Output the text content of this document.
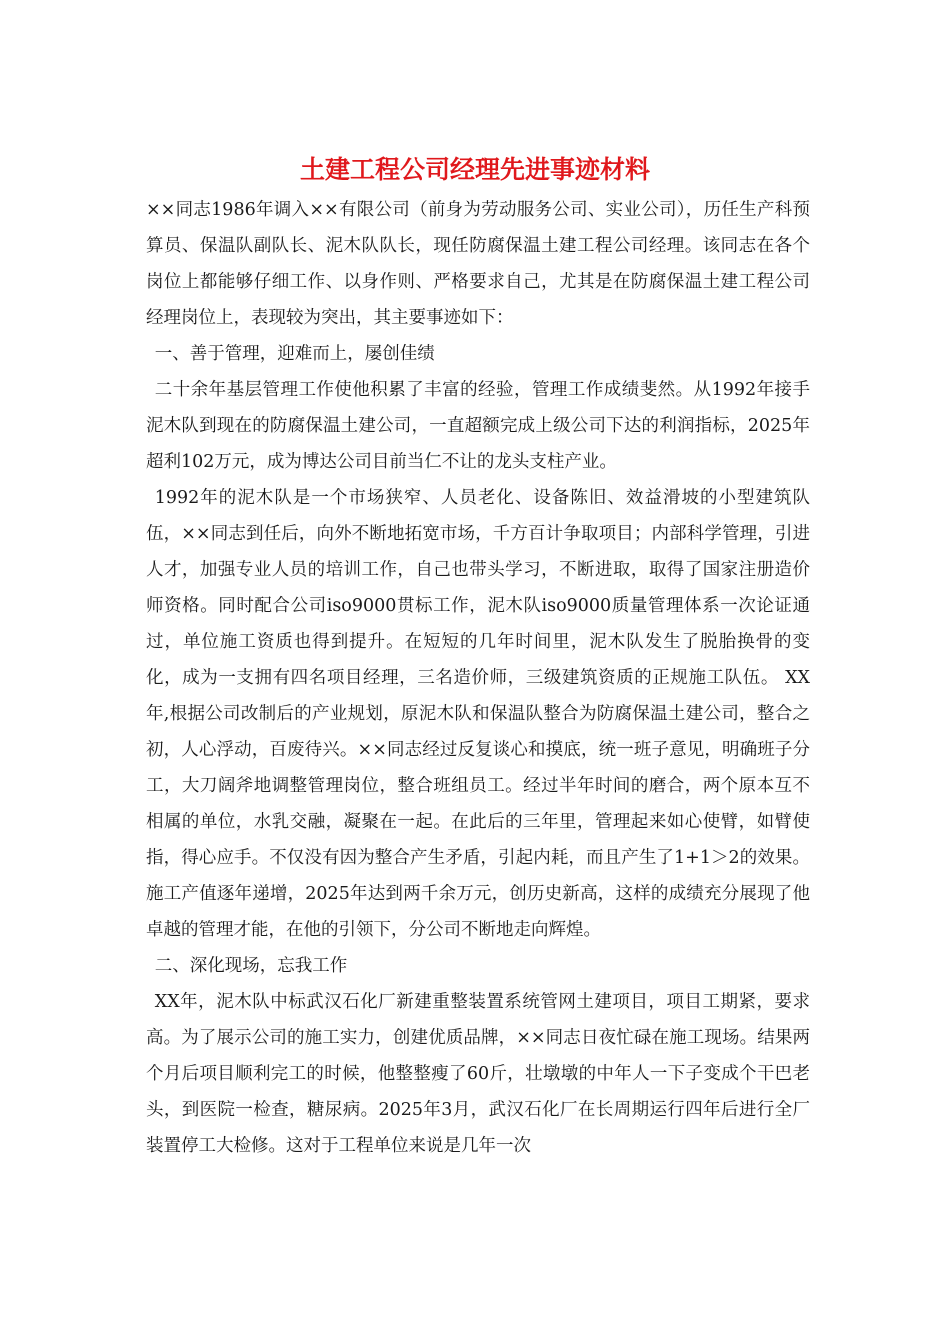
土建工程公司经理先进事迹材料

××同志1986年调入××有限公司（前身为劳动服务公司、实业公司），历任生产科预算员、保温队副队长、泥木队队长，现任防腐保温土建工程公司经理。该同志在各个岗位上都能够仔细工作、以身作则、严格要求自己，尤其是在防腐保温土建工程公司经理岗位上，表现较为突出，其主要事迹如下：

一、善于管理，迎难而上，屡创佳绩

二十余年基层管理工作使他积累了丰富的经验，管理工作成绩斐然。从1992年接手泥木队到现在的防腐保温土建公司，一直超额完成上级公司下达的利润指标，2025年超利102万元，成为博达公司目前当仁不让的龙头支柱产业。

1992年的泥木队是一个市场狭窄、人员老化、设备陈旧、效益滑坡的小型建筑队伍，××同志到任后，向外不断地拓宽市场，千方百计争取项目；内部科学管理，引进人才，加强专业人员的培训工作，自己也带头学习，不断进取，取得了国家注册造价师资格。同时配合公司iso9000贯标工作，泥木队iso9000质量管理体系一次论证通过，单位施工资质也得到提升。在短短的几年时间里，泥木队发生了脱胎换骨的变化，成为一支拥有四名项目经理，三名造价师，三级建筑资质的正规施工队伍。 XX年,根据公司改制后的产业规划，原泥木队和保温队整合为防腐保温土建公司，整合之初，人心浮动，百废待兴。××同志经过反复谈心和摸底，统一班子意见，明确班子分工，大刀阔斧地调整管理岗位，整合班组员工。经过半年时间的磨合，两个原本互不相属的单位，水乳交融，凝聚在一起。在此后的三年里，管理起来如心使臂，如臂使指，得心应手。不仅没有因为整合产生矛盾，引起内耗，而且产生了1+1＞2的效果。施工产值逐年递增，2025年达到两千余万元，创历史新高，这样的成绩充分展现了他卓越的管理才能，在他的引领下，分公司不断地走向辉煌。

二、深化现场，忘我工作

XX年，泥木队中标武汉石化厂新建重整装置系统管网土建项目，项目工期紧，要求高。为了展示公司的施工实力，创建优质品牌，××同志日夜忙碌在施工现场。结果两个月后项目顺利完工的时候，他整整瘦了60斤，壮墩墩的中年人一下子变成个干巴老头，到医院一检查，糖尿病。2025年3月，武汉石化厂在长周期运行四年后进行全厂装置停工大检修。这对于工程单位来说是几年一次
